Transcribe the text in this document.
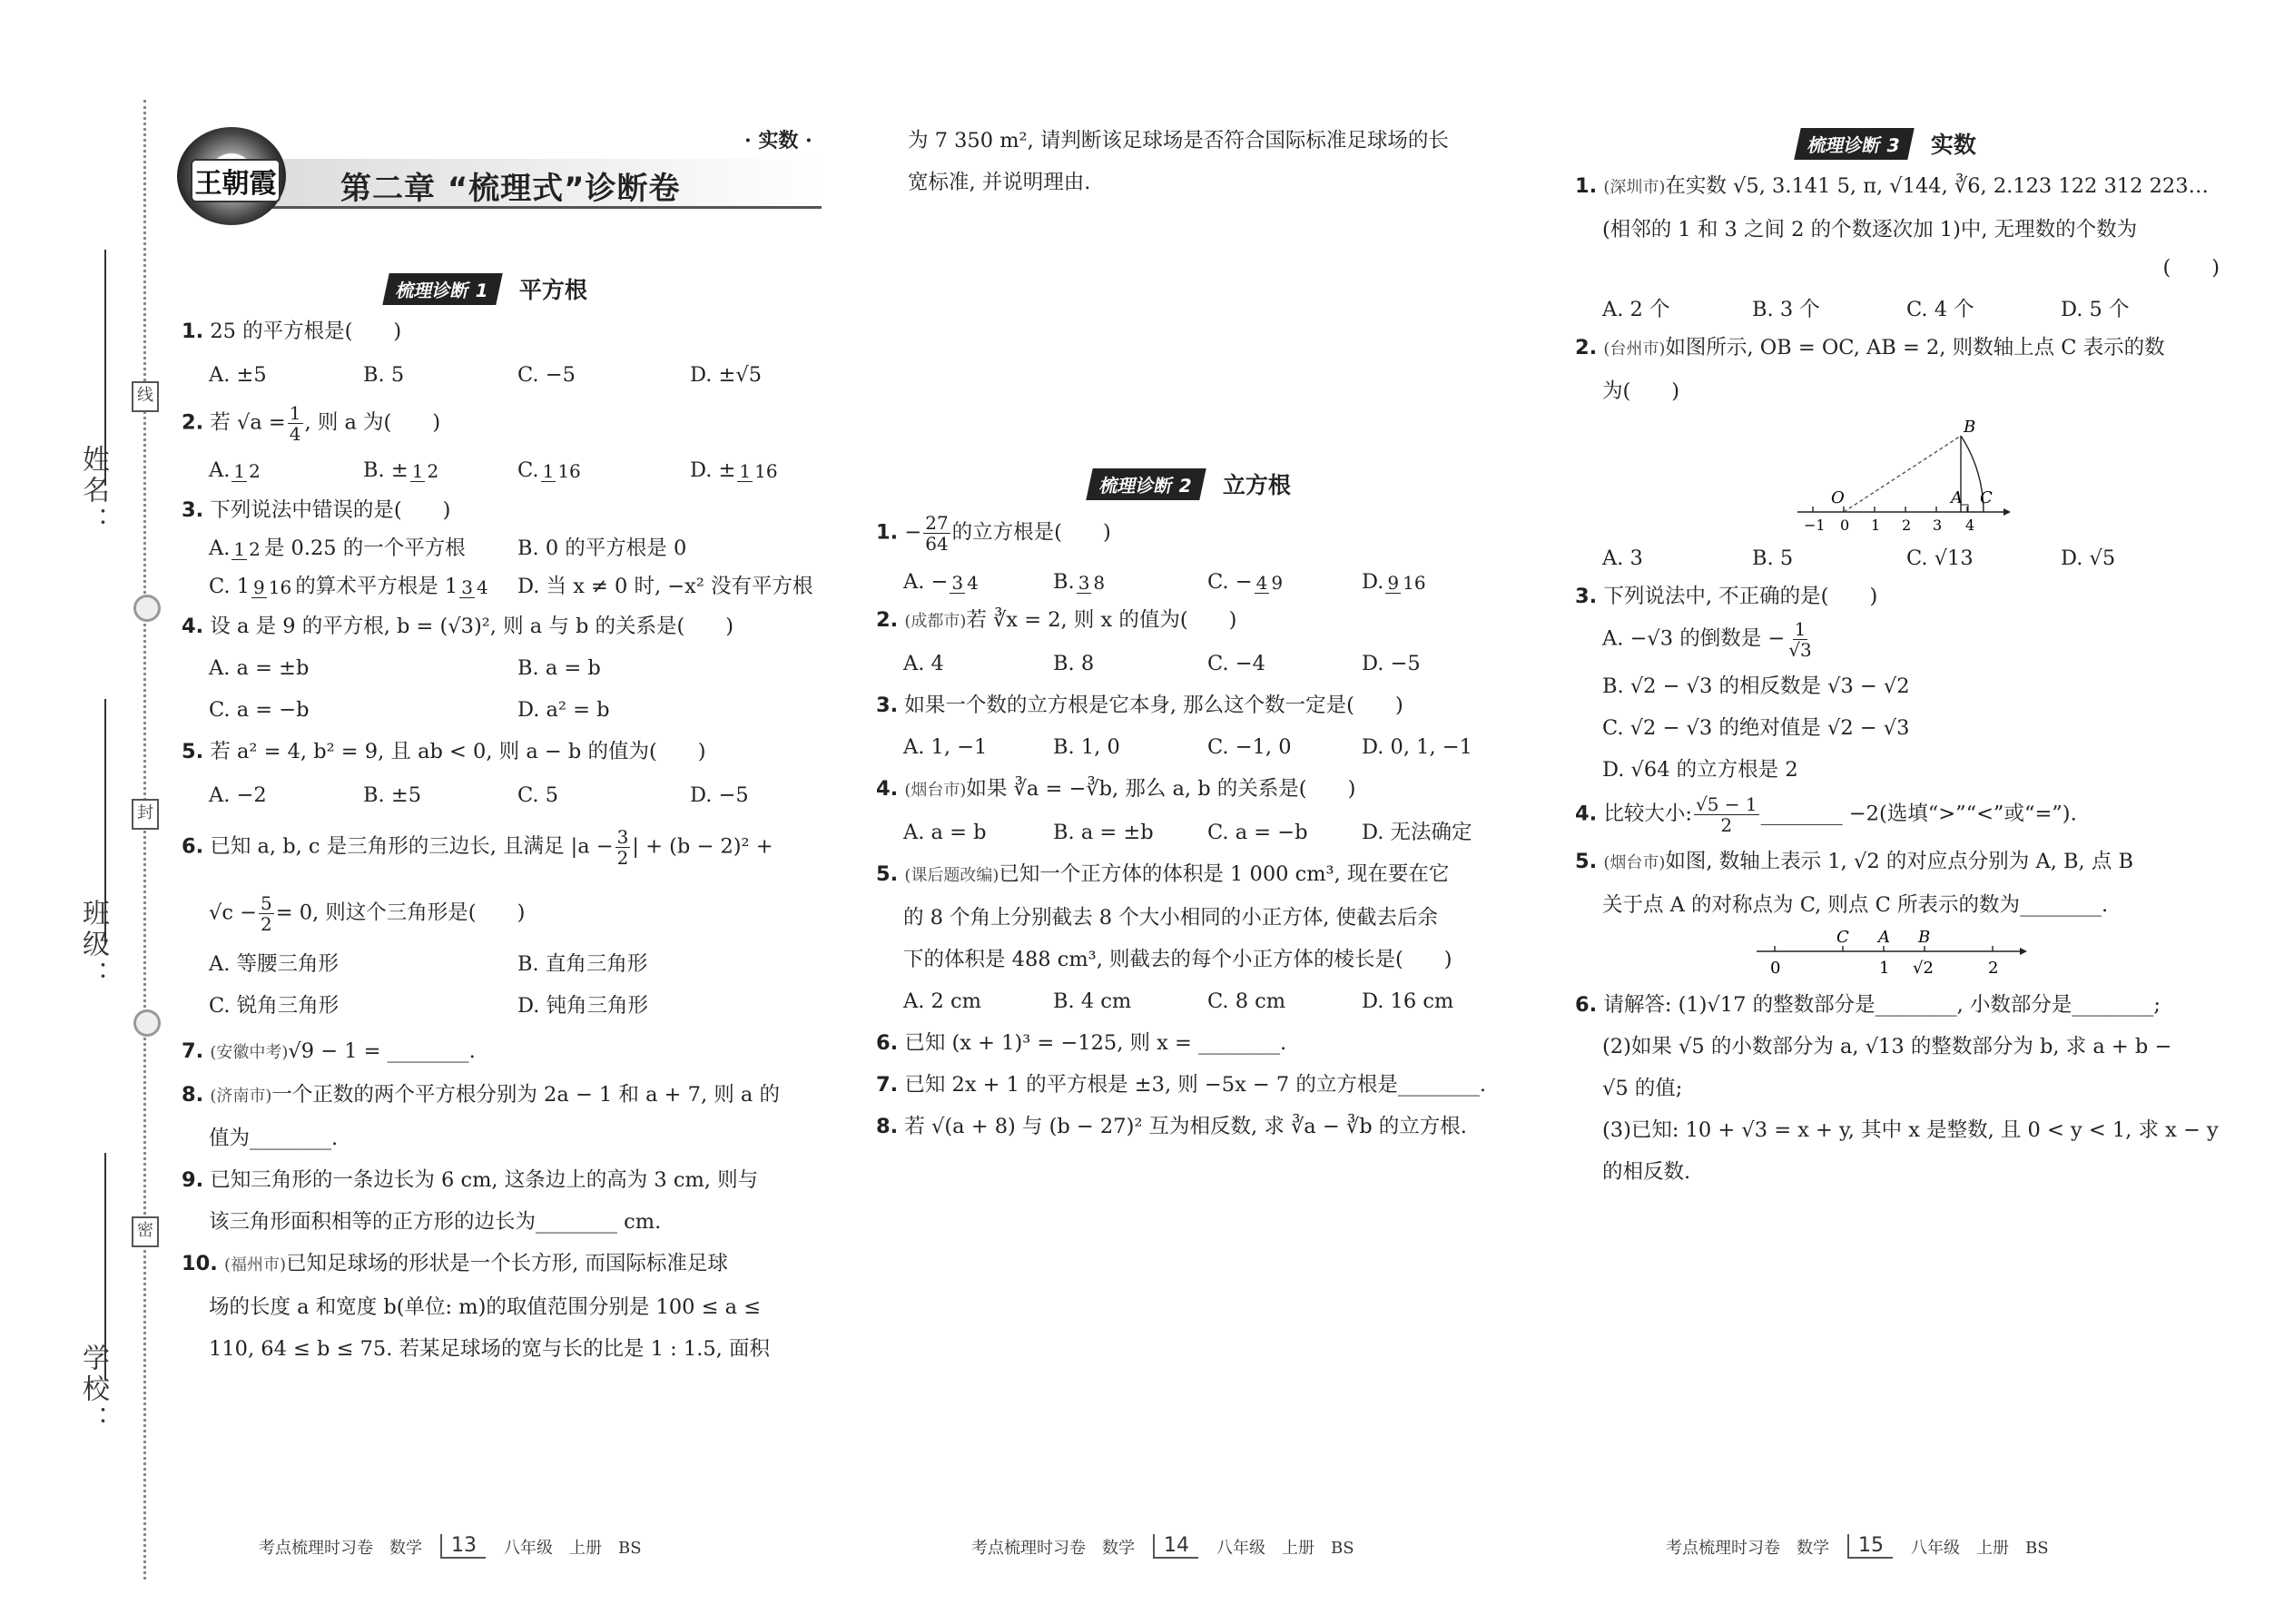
姓名：
班级：
学校：
线
封
密
王朝霞
· 实数 ·
第二章 “梳理式”诊断卷
梳理诊断 1	平方根
1. 25 的平方根是(　　)
A. ±5	B. 5	C. −5	D. ±√5
2. 若 $√a = \frac{1}{4}$ , 则 a 为(　　)
A. 1 2	B. ± 1 2	C. 1 16	D. ± 1 16
3. 下列说法中错误的是(　　)
A. 1 2 是 0.25 的一个平方根	B. 0 的平方根是 0
C. 1 9 16 的算术平方根是 1 3 4	D. 当 x ≠ 0 时, −x² 没有平方根
4. 设 a 是 9 的平方根, b = (√3)², 则 a 与 b 的关系是(　　)
A. a = ±b	B. a = b
C. a = −b	D. a² = b
5. 若 a² = 4, b² = 9, 且 ab < 0, 则 a − b 的值为(　　)
A. −2	B. ±5	C. 5	D. −5
6. 已知 a, b, c 是三角形的三边长, 且满足 $|a - \frac{3}{2}$ | + (b − 2)² +
$√c - \frac{5}{2} = 0$, 则这个三角形是(　　)
A. 等腰三角形	B. 直角三角形
C. 锐角三角形	D. 钝角三角形
7. (安徽中考)√9 − 1 = ________.
8. (济南市)一个正数的两个平方根分别为 2a − 1 和 a + 7, 则 a 的
值为________.
9. 已知三角形的一条边长为 6 cm, 这条边上的高为 3 cm, 则与
该三角形面积相等的正方形的边长为________ cm.
10. (福州市)已知足球场的形状是一个长方形, 而国际标准足球
场的长度 a 和宽度 b(单位: m)的取值范围分别是 100 ≤ a ≤
110, 64 ≤ b ≤ 75. 若某足球场的宽与长的比是 1 : 1.5, 面积
考点梳理时习卷　数学	13	八年级　上册　BS
为 7 350 m², 请判断该足球场是否符合国际标准足球场的长
宽标准, 并说明理由.
梳理诊断 2	立方根
1. − $\frac{27}{64}$ 的立方根是(　　)
A. − 3 4	B. 3 8	C. − 4 9	D. 9 16
2. (成都市)若 ∛x = 2, 则 x 的值为(　　)
A. 4	B. 8	C. −4	D. −5
3. 如果一个数的立方根是它本身, 那么这个数一定是(　　)
A. 1, −1	B. 1, 0	C. −1, 0	D. 0, 1, −1
4. (烟台市)如果 ∛a = −∛b, 那么 a, b 的关系是(　　)
A. a = b	B. a = ±b	C. a = −b	D. 无法确定
5. (课后题改编)已知一个正方体的体积是 1 000 cm³, 现在要在它
的 8 个角上分别截去 8 个大小相同的小正方体, 使截去后余
下的体积是 488 cm³, 则截去的每个小正方体的棱长是(　　)
A. 2 cm	B. 4 cm	C. 8 cm	D. 16 cm
6. 已知 (x + 1)³ = −125, 则 x = ________.
7. 已知 2x + 1 的平方根是 ±3, 则 −5x − 7 的立方根是________.
8. 若 √(a + 8) 与 (b − 27)² 互为相反数, 求 ∛a − ∛b 的立方根.
考点梳理时习卷　数学	14	八年级　上册　BS
梳理诊断 3	实数
1. (深圳市)在实数 √5, 3.141 5, π, √144, ∛6, 2.123 122 312 223…
(相邻的 1 和 3 之间 2 的个数逐次加 1)中, 无理数的个数为
(　　)
A. 2 个	B. 3 个	C. 4 个	D. 5 个
2. (台州市)如图所示, OB = OC, AB = 2, 则数轴上点 C 表示的数
为(　　)
O	A
B
C
−1 0 1 2 3 4
A. 3	B. 5	C. √13	D. √5
3. 下列说法中, 不正确的是(　　)
A. −√3 的倒数是 − $\frac{1}{√3}$
B. √2 − √3 的相反数是 √3 − √2
C. √2 − √3 的绝对值是 √2 − √3
D. √64 的立方根是 2
4. 比较大小: $\frac{√5 - 1}{2}$ ________ −2(选填“>”“<”或“=”).
5. (烟台市)如图, 数轴上表示 1, √2 的对应点分别为 A, B, 点 B
关于点 A 的对称点为 C, 则点 C 所表示的数为________.
C A B
0	1 √2	2
6. 请解答: (1)√17 的整数部分是________, 小数部分是________;
(2)如果 √5 的小数部分为 a, √13 的整数部分为 b, 求 a + b −
√5 的值;
(3)已知: 10 + √3 = x + y, 其中 x 是整数, 且 0 < y < 1, 求 x − y
的相反数.
考点梳理时习卷　数学	15	八年级　上册　BS
